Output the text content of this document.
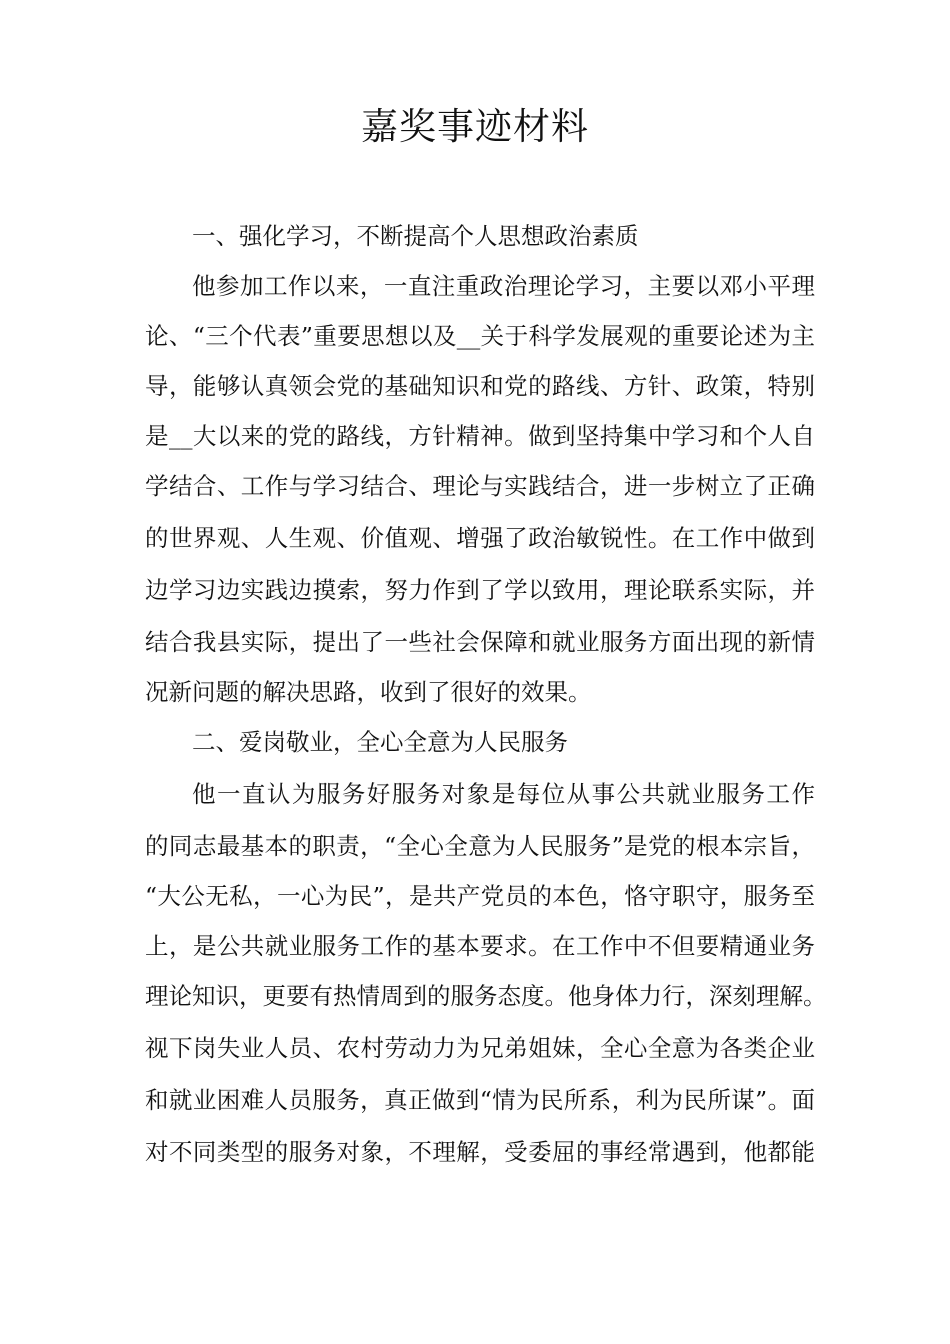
嘉奖事迹材料

一、强化学习，不断提高个人思想政治素质

他参加工作以来，一直注重政治理论学习，主要以邓小平理

论、“三个代表”重要思想以及__关于科学发展观的重要论述为主

导，能够认真领会党的基础知识和党的路线、方针、政策，特别

是__大以来的党的路线，方针精神。做到坚持集中学习和个人自

学结合、工作与学习结合、理论与实践结合，进一步树立了正确

的世界观、人生观、价值观、增强了政治敏锐性。在工作中做到

边学习边实践边摸索，努力作到了学以致用，理论联系实际，并

结合我县实际，提出了一些社会保障和就业服务方面出现的新情

况新问题的解决思路，收到了很好的效果。

二、爱岗敬业，全心全意为人民服务

他一直认为服务好服务对象是每位从事公共就业服务工作

的同志最基本的职责，“全心全意为人民服务”是党的根本宗旨，

“大公无私，一心为民”，是共产党员的本色，恪守职守，服务至

上，是公共就业服务工作的基本要求。在工作中不但要精通业务

理论知识，更要有热情周到的服务态度。他身体力行，深刻理解。

视下岗失业人员、农村劳动力为兄弟姐妹，全心全意为各类企业

和就业困难人员服务，真正做到“情为民所系，利为民所谋”。面

对不同类型的服务对象，不理解，受委屈的事经常遇到，他都能
